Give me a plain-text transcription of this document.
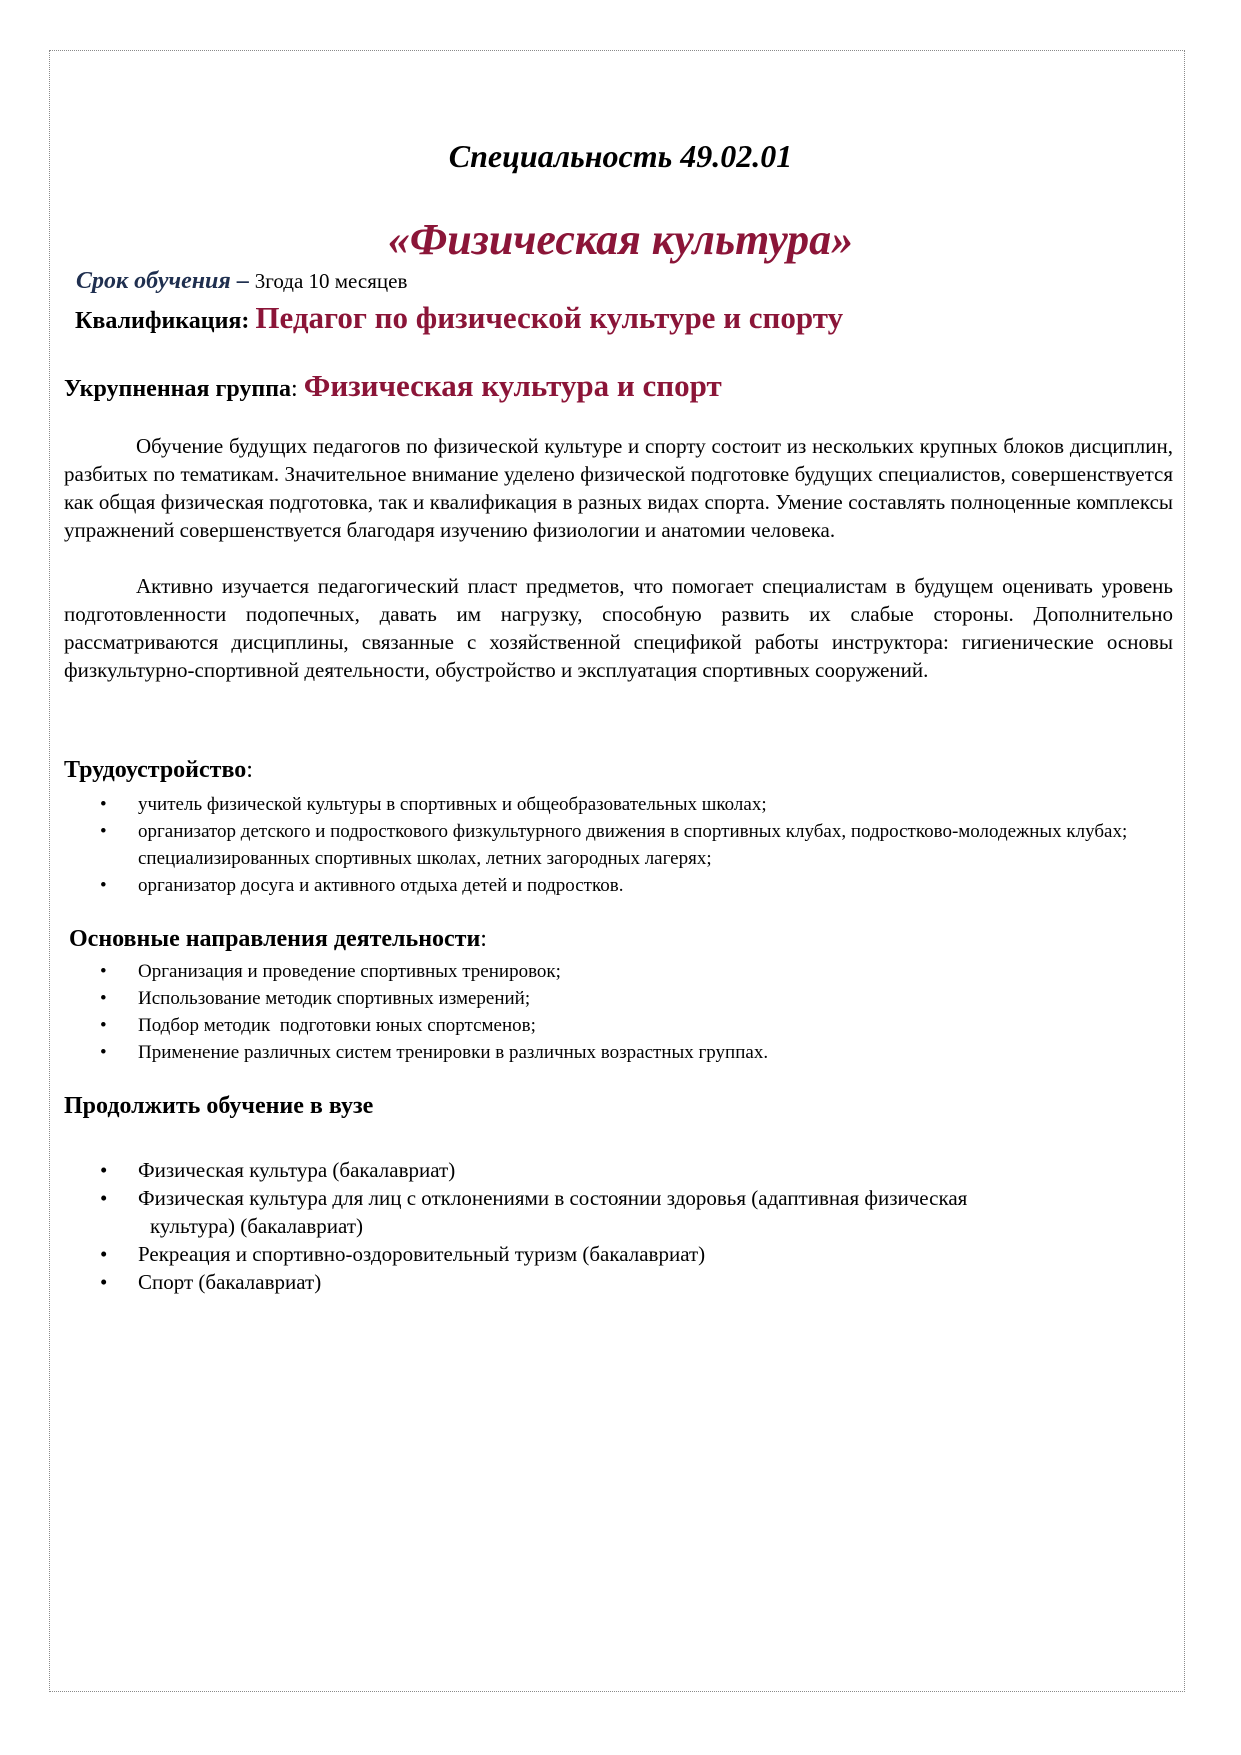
Специальность 49.02.01
«Физическая культура»
Срок обучения – 3года 10 месяцев
Квалификация: Педагог по физической культуре и спорту
Укрупненная группа: Физическая культура и спорт
Обучение будущих педагогов по физической культуре и спорту состоит из нескольких крупных блоков дисциплин, разбитых по тематикам. Значительное внимание уделено физической подготовке будущих специалистов, совершенствуется как общая физическая подготовка, так и квалификация в разных видах спорта. Умение составлять полноценные комплексы упражнений совершенствуется благодаря изучению физиологии и анатомии человека.
Активно изучается педагогический пласт предметов, что помогает специалистам в будущем оценивать уровень подготовленности подопечных, давать им нагрузку, способную развить их слабые стороны. Дополнительно рассматриваются дисциплины, связанные с хозяйственной спецификой работы инструктора: гигиенические основы физкультурно-спортивной деятельности, обустройство и эксплуатация спортивных сооружений.
Трудоустройство:
• учитель физической культуры в спортивных и общеобразовательных школах;
• организатор детского и подросткового физкультурного движения в спортивных клубах, подростково-молодежных клубах; специализированных спортивных школах, летних загородных лагерях;
• организатор досуга и активного отдыха детей и подростков.
Основные направления деятельности:
• Организация и проведение спортивных тренировок;
• Использование методик спортивных измерений;
• Подбор методик  подготовки юных спортсменов;
• Применение различных систем тренировки в различных возрастных группах.
Продолжить обучение в вузе
• Физическая культура (бакалавриат)
• Физическая культура для лиц с отклонениями в состоянии здоровья (адаптивная физическая
культура) (бакалавриат)
• Рекреация и спортивно-оздоровительный туризм (бакалавриат)
• Спорт (бакалавриат)
